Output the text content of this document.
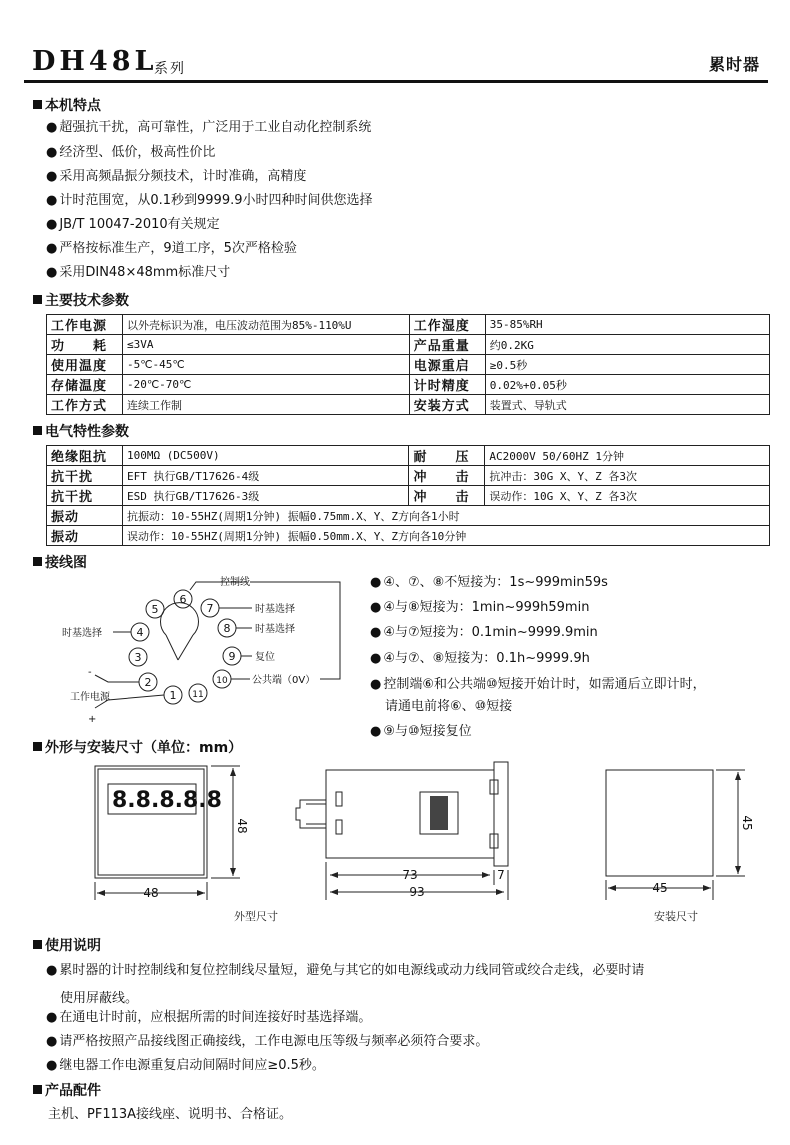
DH48L
系列	累时器
本机特点
● 超强抗干扰，高可靠性，广泛用于工业自动化控制系统
● 经济型、低价，极高性价比
● 采用高频晶振分频技术，计时准确，高精度
● 计时范围宽，从0.1秒到9999.9小时四种时间供您选择
● JB/T 10047-2010有关规定
● 严格按标准生产，9道工序，5次严格检验
● 采用DIN48×48mm标准尺寸
主要技术参数
工作电源	以外壳标识为准，电压波动范围为85%-110%U	工作湿度	35-85%RH
功　　耗	≤3VA	产品重量	约0.2KG
使用温度	-5℃-45℃	电源重启	≥0.5秒
存储温度	-20℃-70℃	计时精度	0.02%+0.05秒
工作方式	连续工作制	安装方式	装置式、导轨式
电气特性参数
绝缘阻抗	100MΩ (DC500V)	耐　　压	AC2000V 50/60HZ 1分钟
抗干扰	EFT 执行GB/T17626-4级	冲　　击	抗冲击：30G X、Y、Z 各3次
抗干扰	ESD 执行GB/T17626-3级	冲　　击	误动作：10G X、Y、Z 各3次
振动	抗振动：10-55HZ(周期1分钟) 振幅0.75mm.X、Y、Z方向各1小时		
振动	误动作：10-55HZ(周期1分钟) 振幅0.50mm.X、Y、Z方向各10分钟		
接线图
1
2
3
4
5
6
7
8
9
10
11
控制线
时基选择
时基选择
复位
公共端（0V）
时基选择
工作电源
-
+
● ④、⑦、⑧不短接为：1s~999min59s
● ④与⑧短接为：1min~999h59min
● ④与⑦短接为：0.1min~9999.9min
● ④与⑦、⑧短接为：0.1h~9999.9h
● 控制端⑥和公共端⑩短接开始计时，如需通后立即计时，
请通电前将⑥、⑩短接
● ⑨与⑩短接复位
外形与安装尺寸（单位：mm）
8.8.8.8.8
48
48
73	7
93
45
45
外型尺寸	安装尺寸
使用说明
● 累时器的计时控制线和复位控制线尽量短，避免与其它的如电源线或动力线同管或绞合走线，必要时请
使用屏蔽线。
● 在通电计时前，应根据所需的时间连接好时基选择端。
● 请严格按照产品接线图正确接线，工作电源电压等级与频率必须符合要求。
● 继电器工作电源重复启动间隔时间应≥0.5秒。
产品配件
主机、PF113A接线座、说明书、合格证。
